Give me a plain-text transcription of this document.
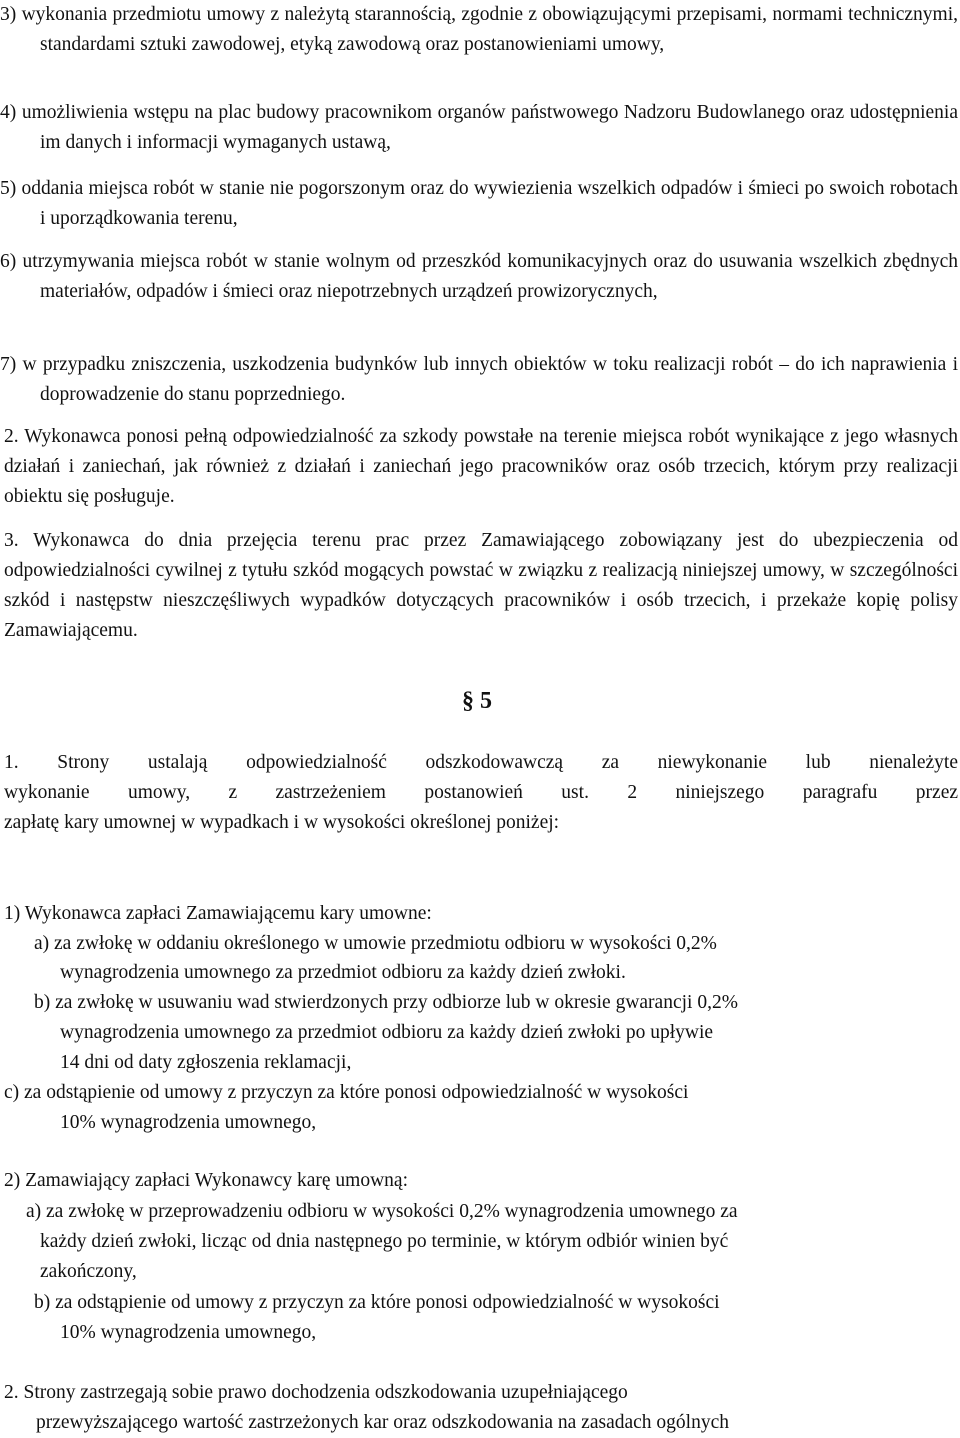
3) wykonania przedmiotu umowy z należytą starannością, zgodnie z obowiązującymi przepisami, normami technicznymi, standardami sztuki zawodowej, etyką zawodową oraz postanowieniami umowy,

4) umożliwienia wstępu na plac budowy pracownikom organów państwowego Nadzoru Budowlanego oraz udostępnienia im danych i informacji wymaganych ustawą,

5) oddania miejsca robót w stanie nie pogorszonym oraz do wywiezienia wszelkich odpadów i śmieci po swoich robotach i uporządkowania terenu,

6) utrzymywania miejsca robót w stanie wolnym od przeszkód komunikacyjnych oraz do usuwania wszelkich zbędnych materiałów, odpadów i śmieci oraz niepotrzebnych urządzeń prowizorycznych,

7) w przypadku zniszczenia, uszkodzenia budynków lub innych obiektów w toku realizacji robót – do ich naprawienia i doprowadzenie do stanu poprzedniego.

2. Wykonawca ponosi pełną odpowiedzialność za szkody powstałe na terenie miejsca robót wynikające z jego własnych działań i zaniechań, jak również z działań i zaniechań jego pracowników oraz osób trzecich, którym przy realizacji obiektu się posługuje.

3. Wykonawca do dnia przejęcia terenu prac przez Zamawiającego zobowiązany jest do ubezpieczenia od odpowiedzialności cywilnej z tytułu szkód mogących powstać w związku z realizacją niniejszej umowy, w szczególności szkód i następstw nieszczęśliwych wypadków dotyczących pracowników i osób trzecich, i przekaże kopię polisy Zamawiającemu.

§ 5
1. Strony ustalają odpowiedzialność odszkodowawczą za niewykonanie lub nienależyte
wykonanie umowy, z zastrzeżeniem postanowień ust. 2 niniejszego paragrafu przez
zapłatę kary umownej w wypadkach i w wysokości określonej poniżej:
1) Wykonawca zapłaci Zamawiającemu kary umowne:
a) za zwłokę w oddaniu określonego w umowie przedmiotu odbioru w wysokości 0,2%
wynagrodzenia umownego za przedmiot odbioru za każdy dzień zwłoki.
b) za zwłokę w usuwaniu wad stwierdzonych przy odbiorze lub w okresie gwarancji 0,2%
wynagrodzenia umownego za przedmiot odbioru za każdy dzień zwłoki po upływie
14 dni od daty zgłoszenia reklamacji,
c) za odstąpienie od umowy z przyczyn za które ponosi odpowiedzialność w wysokości
10% wynagrodzenia umownego,
2) Zamawiający zapłaci Wykonawcy karę umowną:
a) za zwłokę w przeprowadzeniu odbioru w wysokości 0,2% wynagrodzenia umownego za
każdy dzień zwłoki, licząc od dnia następnego po terminie, w którym odbiór winien być
zakończony,
b) za odstąpienie od umowy z przyczyn za które ponosi odpowiedzialność w wysokości
10% wynagrodzenia umownego,
2. Strony zastrzegają sobie prawo dochodzenia odszkodowania uzupełniającego
przewyższającego wartość zastrzeżonych kar oraz odszkodowania na zasadach ogólnych
